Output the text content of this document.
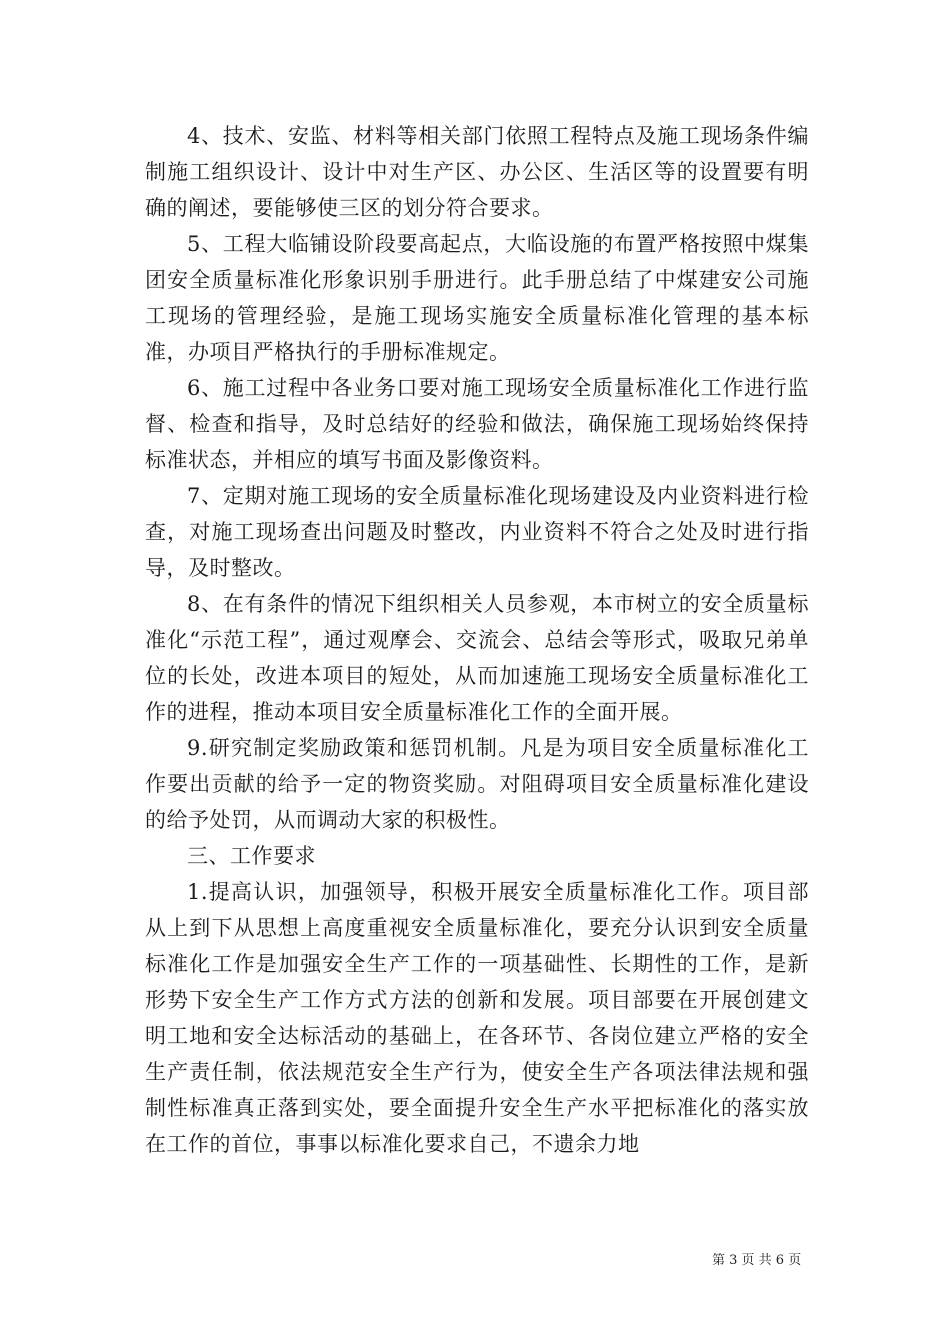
4、技术、安监、材料等相关部门依照工程特点及施工现场条件编制施工组织设计、设计中对生产区、办公区、生活区等的设置要有明确的阐述，要能够使三区的划分符合要求。

5、工程大临铺设阶段要高起点，大临设施的布置严格按照中煤集团安全质量标准化形象识别手册进行。此手册总结了中煤建安公司施工现场的管理经验，是施工现场实施安全质量标准化管理的基本标准，办项目严格执行的手册标准规定。

6、施工过程中各业务口要对施工现场安全质量标准化工作进行监督、检查和指导，及时总结好的经验和做法，确保施工现场始终保持标准状态，并相应的填写书面及影像资料。

7、定期对施工现场的安全质量标准化现场建设及内业资料进行检查，对施工现场查出问题及时整改，内业资料不符合之处及时进行指导，及时整改。

8、在有条件的情况下组织相关人员参观，本市树立的安全质量标准化“示范工程”，通过观摩会、交流会、总结会等形式，吸取兄弟单位的长处，改进本项目的短处，从而加速施工现场安全质量标准化工作的进程，推动本项目安全质量标准化工作的全面开展。

9.研究制定奖励政策和惩罚机制。凡是为项目安全质量标准化工作要出贡献的给予一定的物资奖励。对阻碍项目安全质量标准化建设的给予处罚，从而调动大家的积极性。

三、工作要求

1.提高认识，加强领导，积极开展安全质量标准化工作。项目部从上到下从思想上高度重视安全质量标准化，要充分认识到安全质量标准化工作是加强安全生产工作的一项基础性、长期性的工作，是新形势下安全生产工作方式方法的创新和发展。项目部要在开展创建文明工地和安全达标活动的基础上，在各环节、各岗位建立严格的安全生产责任制，依法规范安全生产行为，使安全生产各项法律法规和强制性标准真正落到实处，要全面提升安全生产水平把标准化的落实放在工作的首位，事事以标准化要求自己，不遗余力地

第 3 页 共 6 页
